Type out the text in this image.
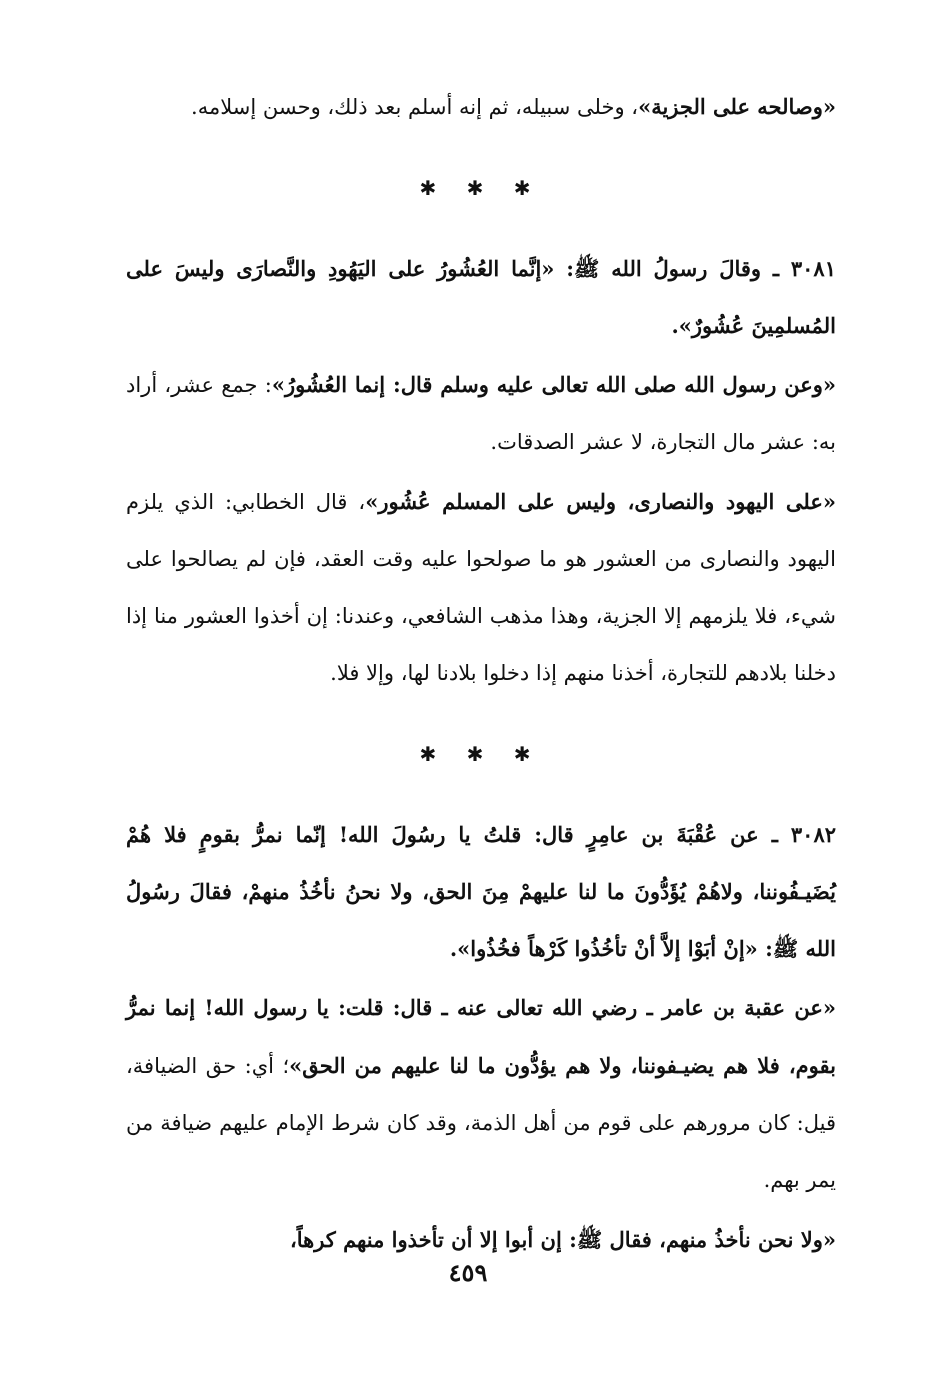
«وصالحه على الجزية»، وخلى سبيله، ثم إنه أسلم بعد ذلك، وحسن إسلامه.

✱ ✱ ✱

٣٠٨١ ـ وقالَ رسولُ الله ﷺ: «إنَّما العُشُورُ على اليَهُودِ والنَّصارَى وليسَ على المُسلمِينَ عُشُورٌ».

«وعن رسول الله صلى الله تعالى عليه وسلم قال: إنما العُشُورُ»: جمع عشر، أراد به: عشر مال التجارة، لا عشر الصدقات.

«على اليهود والنصارى، وليس على المسلم عُشُور»، قال الخطابي: الذي يلزم اليهود والنصارى من العشور هو ما صولحوا عليه وقت العقد، فإن لم يصالحوا على شيء، فلا يلزمهم إلا الجزية، وهذا مذهب الشافعي، وعندنا: إن أخذوا العشور منا إذا دخلنا بلادهم للتجارة، أخذنا منهم إذا دخلوا بلادنا لها، وإلا فلا.

✱ ✱ ✱

٣٠٨٢ ـ عن عُقْبَةَ بن عامِرٍ قال: قلتُ يا رسُولَ الله! إنّما نمرُّ بقومٍ فلا هُمْ يُضَيـفُوننا، ولاهُمْ يُؤَدُّونَ ما لنا عليهمْ مِنَ الحق، ولا نحنُ نأخُذُ منهمْ، فقالَ رسُولُ الله ﷺ: «إنْ أبَوْا إلاَّ أنْ تأخُذُوا كَرْهاً فخُذُوا».

«عن عقبة بن عامر ـ رضي الله تعالى عنه ـ قال: قلت: يا رسول الله! إنما نمرُّ بقوم، فلا هم يضيـفوننا، ولا هم يؤدُّون ما لنا عليهم من الحق»؛ أي: حق الضيافة، قيل: كان مرورهم على قوم من أهل الذمة، وقد كان شرط الإمام عليهم ضيافة من يمر بهم.

«ولا نحن نأخذُ منهم، فقال ﷺ: إن أبوا إلا أن تأخذوا منهم كرهاً،

٤٥٩
